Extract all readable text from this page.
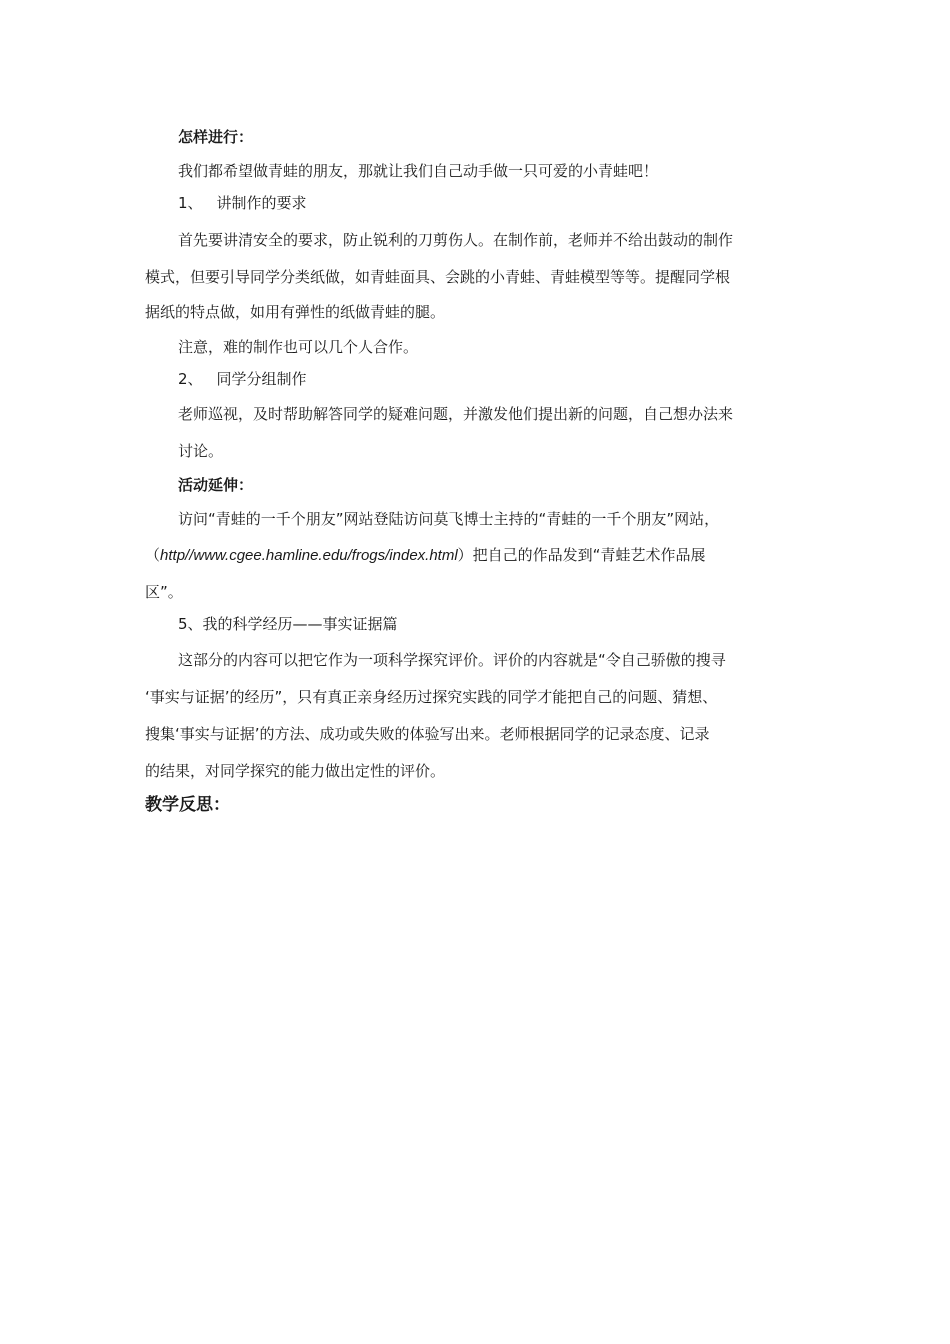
怎样进行：
我们都希望做青蛙的朋友，那就让我们自己动手做一只可爱的小青蛙吧！
1、 讲制作的要求
首先要讲清安全的要求，防止锐利的刀剪伤人。在制作前，老师并不给出鼓动的制作
模式，但要引导同学分类纸做，如青蛙面具、会跳的小青蛙、青蛙模型等等。提醒同学根
据纸的特点做，如用有弹性的纸做青蛙的腿。
注意，难的制作也可以几个人合作。
2、 同学分组制作
老师巡视，及时帮助解答同学的疑难问题，并激发他们提出新的问题，自己想办法来
讨论。
活动延伸：
访问“青蛙的一千个朋友”网站登陆访问莫飞博士主持的“青蛙的一千个朋友”网站，
（http//www.cgee.hamline.edu/frogs/index.html）把自己的作品发到“青蛙艺术作品展
区”。
5、我的科学经历——事实证据篇
这部分的内容可以把它作为一项科学探究评价。评价的内容就是“令自己骄傲的搜寻
‘事实与证据’的经历”，只有真正亲身经历过探究实践的同学才能把自己的问题、猜想、
搜集‘事实与证据’的方法、成功或失败的体验写出来。老师根据同学的记录态度、记录
的结果，对同学探究的能力做出定性的评价。
教学反思：
